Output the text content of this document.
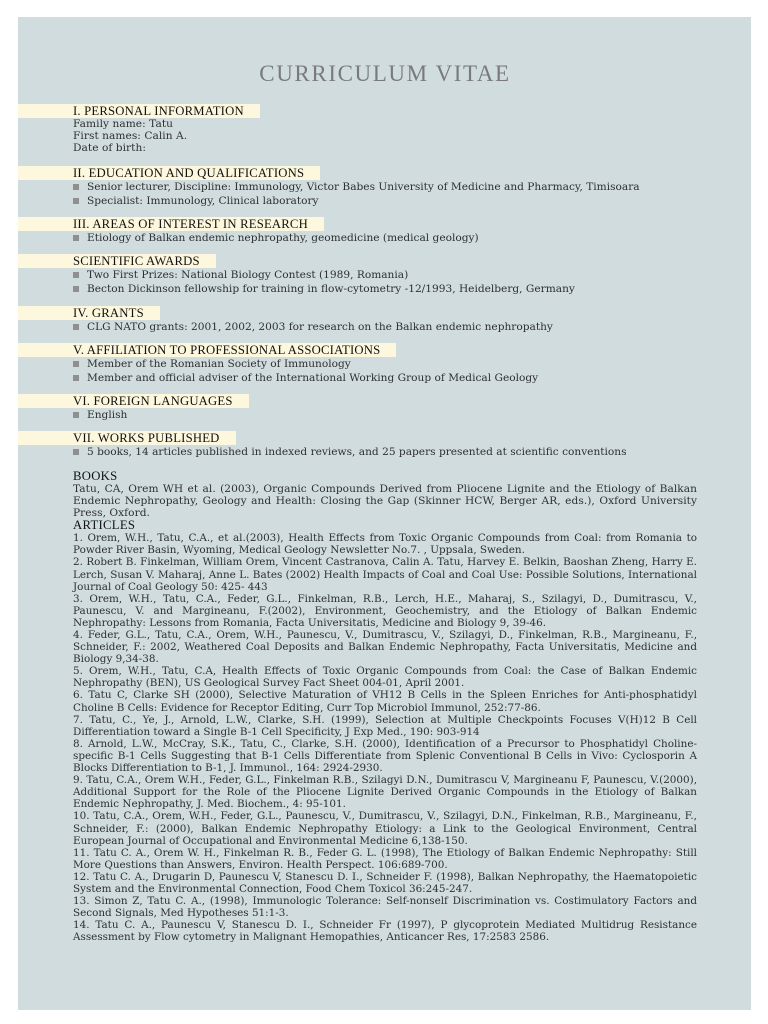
CURRICULUM VITAE
I. PERSONAL INFORMATION
Family name: Tatu
First names: Calin A.
Date of birth:
II. EDUCATION AND QUALIFICATIONS
Senior lecturer, Discipline: Immunology, Victor Babes University of Medicine and Pharmacy, Timisoara
Specialist: Immunology, Clinical laboratory
III. AREAS OF INTEREST IN RESEARCH
Etiology of Balkan endemic nephropathy, geomedicine (medical geology)
SCIENTIFIC AWARDS
Two First Prizes: National Biology Contest (1989, Romania)
Becton Dickinson fellowship for training in flow-cytometry -12/1993, Heidelberg, Germany
IV. GRANTS
CLG NATO grants: 2001, 2002, 2003 for research on the Balkan endemic nephropathy
V. AFFILIATION TO PROFESSIONAL ASSOCIATIONS
Member of the Romanian Society of Immunology
Member and official adviser of the International Working Group of Medical Geology
VI. FOREIGN LANGUAGES
English
VII. WORKS PUBLISHED
5 books, 14 articles published in indexed reviews, and 25 papers presented at scientific conventions
BOOKS
Tatu, CA, Orem WH et al. (2003), Organic Compounds Derived from Pliocene Lignite and the Etiology of Balkan Endemic Nephropathy, Geology and Health: Closing the Gap (Skinner HCW, Berger AR, eds.), Oxford University Press, Oxford.
ARTICLES
1. Orem, W.H., Tatu, C.A., et al.(2003), Health Effects from Toxic Organic Compounds from Coal: from Romania to Powder River Basin, Wyoming, Medical Geology Newsletter No.7. , Uppsala, Sweden.
2. Robert B. Finkelman, William Orem, Vincent Castranova, Calin A. Tatu, Harvey E. Belkin, Baoshan Zheng, Harry E. Lerch, Susan V. Maharaj, Anne L. Bates (2002) Health Impacts of Coal and Coal Use: Possible Solutions, International Journal of Coal Geology 50: 425- 443
3. Orem, W.H., Tatu, C.A., Feder, G.L., Finkelman, R.B., Lerch, H.E., Maharaj, S., Szilagyi, D., Dumitrascu, V., Paunescu, V. and Margineanu, F.(2002), Environment, Geochemistry, and the Etiology of Balkan Endemic Nephropathy: Lessons from Romania, Facta Universitatis, Medicine and Biology 9, 39-46.
4. Feder, G.L., Tatu, C.A., Orem, W.H., Paunescu, V., Dumitrascu, V., Szilagyi, D., Finkelman, R.B., Margineanu, F., Schneider, F.: 2002, Weathered Coal Deposits and Balkan Endemic Nephropathy, Facta Universitatis, Medicine and Biology 9,34-38.
5. Orem, W.H., Tatu, C.A, Health Effects of Toxic Organic Compounds from Coal: the Case of Balkan Endemic Nephropathy (BEN), US Geological Survey Fact Sheet 004-01, April 2001.
6. Tatu C, Clarke SH (2000), Selective Maturation of VH12 B Cells in the Spleen Enriches for Anti-phosphatidyl Choline B Cells: Evidence for Receptor Editing, Curr Top Microbiol Immunol, 252:77-86.
7. Tatu, C., Ye, J., Arnold, L.W., Clarke, S.H. (1999), Selection at Multiple Checkpoints Focuses V(H)12 B Cell Differentiation toward a Single B-1 Cell Specificity, J Exp Med., 190: 903-914
8. Arnold, L.W., McCray, S.K., Tatu, C., Clarke, S.H. (2000), Identification of a Precursor to Phosphatidyl Choline-specific B-1 Cells Suggesting that B-1 Cells Differentiate from Splenic Conventional B Cells in Vivo: Cyclosporin A Blocks Differentiation to B-1, J. Immunol., 164: 2924-2930.
9. Tatu, C.A., Orem W.H., Feder, G.L., Finkelman R.B., Szilagyi D.N., Dumitrascu V, Margineanu F, Paunescu, V.(2000), Additional Support for the Role of the Pliocene Lignite Derived Organic Compounds in the Etiology of Balkan Endemic Nephropathy, J. Med. Biochem., 4: 95-101.
10. Tatu, C.A., Orem, W.H., Feder, G.L., Paunescu, V., Dumitrascu, V., Szilagyi, D.N., Finkelman, R.B., Margineanu, F., Schneider, F.: (2000), Balkan Endemic Nephropathy Etiology: a Link to the Geological Environment, Central European Journal of Occupational and Environmental Medicine 6,138-150.
11. Tatu C. A., Orem W. H., Finkelman R. B., Feder G. L. (1998), The Etiology of Balkan Endemic Nephropathy: Still More Questions than Answers, Environ. Health Perspect. 106:689-700.
12. Tatu C. A., Drugarin D, Paunescu V, Stanescu D. I., Schneider F. (1998), Balkan Nephropathy, the Haematopoietic System and the Environmental Connection, Food Chem Toxicol 36:245-247.
13. Simon Z, Tatu C. A., (1998), Immunologic Tolerance: Self-nonself Discrimination vs. Costimulatory Factors and Second Signals, Med Hypotheses 51:1-3.
14. Tatu C. A., Paunescu V, Stanescu D. I., Schneider Fr (1997), P glycoprotein Mediated Multidrug Resistance Assessment by Flow cytometry in Malignant Hemopathies, Anticancer Res, 17:2583 2586.
